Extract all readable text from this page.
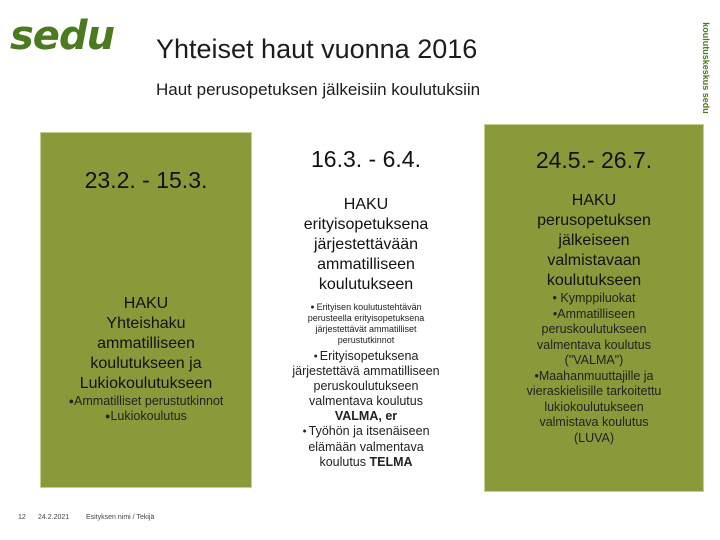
sedu	koulutuskeskus sedu
Yhteiset haut vuonna 2016
Haut perusopetuksen jälkeisiin koulutuksiin
23.2. - 15.3.
HAKU
Yhteishaku
ammatilliseen
koulutukseen ja
Lukiokoulutukseen
●Ammatilliset perustutkinnot
●Lukiokoulutus
16.3. - 6.4.
HAKU
erityisopetuksena
järjestettävään
ammatilliseen
koulutukseen
● Erityisen koulutustehtävän
perusteella erityisopetuksena
järjestettävät ammatilliset
perustutkinnot
● Erityisopetuksena
järjestettävä ammatilliseen
peruskoulutukseen
valmentava koulutus
VALMA, er
● Työhön ja itsenäiseen
elämään valmentava
koulutus TELMA
24.5.- 26.7.
HAKU
perusopetuksen
jälkeiseen
valmistavaan
koulutukseen
• Kymppiluokat
•Ammatilliseen
peruskoulutukseen
valmentava koulutus
("VALMA")
•Maahanmuuttajille ja
vieraskielisille tarkoitettu
lukiokoulutukseen
valmistava koulutus
(LUVA)
12 24.2.2021 Esityksen nimi / Tekijä
